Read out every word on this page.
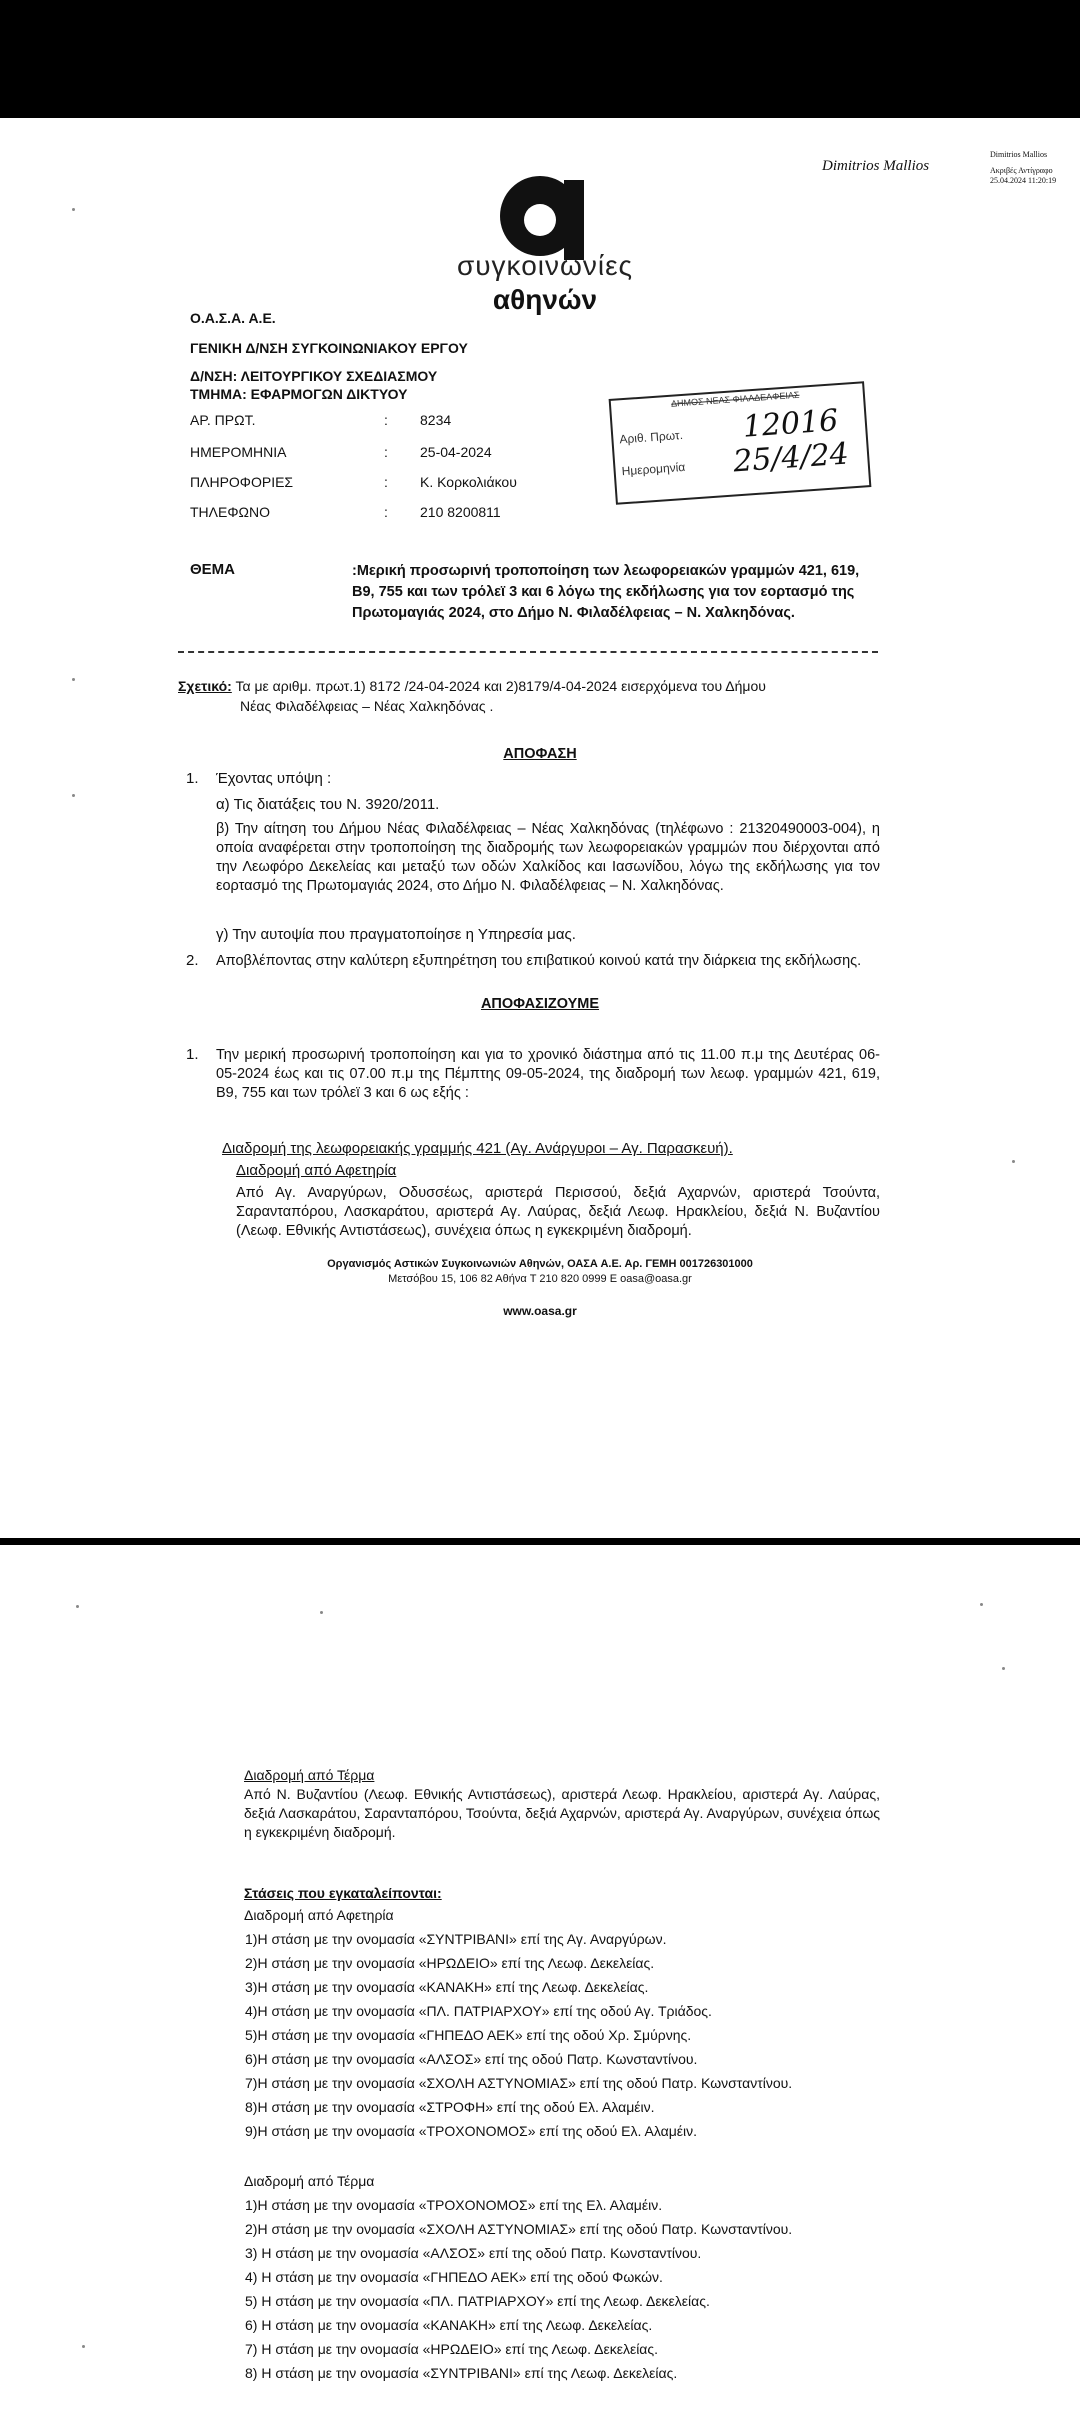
Dimitrios Mallios
Dimitrios Mallios
Ακριβές Αντίγραφο
25.04.2024 11:20:19
συγκοινωνίες
αθηνών
Ο.Α.Σ.Α. Α.Ε.
ΓΕΝΙΚΗ Δ/ΝΣΗ ΣΥΓΚΟΙΝΩΝΙΑΚΟΥ ΕΡΓΟΥ
Δ/ΝΣΗ: ΛΕΙΤΟΥΡΓΙΚΟΥ ΣΧΕΔΙΑΣΜΟΥ
ΤΜΗΜΑ: ΕΦΑΡΜΟΓΩΝ ΔΙΚΤΥΟΥ
ΑΡ. ΠΡΩΤ.	: 8234
ΗΜΕΡΟΜΗΝΙΑ	: 25-04-2024
ΠΛΗΡΟΦΟΡΙΕΣ	: Κ. Κορκολιάκου
ΤΗΛΕΦΩΝΟ	: 210 8200811
ΔΗΜΟΣ ΝΕΑΣ ΦΙΛΑΔΕΛΦΕΙΑΣ
Αριθ. Πρωτ. 12016
Ημερομηνία 25/4/24
ΘΕΜΑ	:Μερική προσωρινή τροποποίηση των λεωφορειακών γραμμών 421, 619, Β9, 755 και των τρόλεϊ 3 και 6 λόγω της εκδήλωσης για τον εορτασμό της Πρωτομαγιάς 2024, στο Δήμο Ν. Φιλαδέλφειας – Ν. Χαλκηδόνας.
Σχετικό: Τα με αριθμ. πρωτ.1) 8172 /24-04-2024 και 2)8179/4-04-2024 εισερχόμενα του Δήμου
Νέας Φιλαδέλφειας – Νέας Χαλκηδόνας .
ΑΠΟΦΑΣΗ
1. Έχοντας υπόψη :
α) Τις διατάξεις του Ν. 3920/2011.
β) Την αίτηση του Δήμου Νέας Φιλαδέλφειας – Νέας Χαλκηδόνας (τηλέφωνο : 21320490003-004), η οποία αναφέρεται στην τροποποίηση της διαδρομής των λεωφορειακών γραμμών που διέρχονται από την Λεωφόρο Δεκελείας και μεταξύ των οδών Χαλκίδος και Ιασωνίδου, λόγω της εκδήλωσης για τον εορτασμό της Πρωτομαγιάς 2024, στο Δήμο Ν. Φιλαδέλφειας – Ν. Χαλκηδόνας.
γ) Την αυτοψία που πραγματοποίησε η Υπηρεσία μας.
2. Αποβλέποντας στην καλύτερη εξυπηρέτηση του επιβατικού κοινού κατά την διάρκεια της εκδήλωσης.
ΑΠΟΦΑΣΙΖΟΥΜΕ
1. Την μερική προσωρινή τροποποίηση και για το χρονικό διάστημα από τις 11.00 π.μ της Δευτέρας 06-05-2024 έως και τις 07.00 π.μ της Πέμπτης 09-05-2024, της διαδρομή των λεωφ. γραμμών 421, 619, Β9, 755 και των τρόλεϊ 3 και 6 ως εξής :
Διαδρομή της λεωφορειακής γραμμής 421 (Αγ. Ανάργυροι – Αγ. Παρασκευή).
Διαδρομή από Αφετηρία
Από Αγ. Αναργύρων, Οδυσσέως, αριστερά Περισσού, δεξιά Αχαρνών, αριστερά Τσούντα, Σαρανταπόρου, Λασκαράτου, αριστερά Αγ. Λαύρας, δεξιά Λεωφ. Ηρακλείου, δεξιά Ν. Βυζαντίου (Λεωφ. Εθνικής Αντιστάσεως), συνέχεια όπως η εγκεκριμένη διαδρομή.
Οργανισμός Αστικών Συγκοινωνιών Αθηνών, ΟΑΣΑ Α.Ε. Αρ. ΓΕΜΗ 001726301000
Μετσόβου 15, 106 82 Αθήνα T 210 820 0999 E oasa@oasa.gr
www.oasa.gr
Διαδρομή από Τέρμα
Από Ν. Βυζαντίου (Λεωφ. Εθνικής Αντιστάσεως), αριστερά Λεωφ. Ηρακλείου, αριστερά Αγ. Λαύρας, δεξιά Λασκαράτου, Σαρανταπόρου, Τσούντα, δεξιά Αχαρνών, αριστερά Αγ. Αναργύρων, συνέχεια όπως η εγκεκριμένη διαδρομή.
Στάσεις που εγκαταλείπονται:
Διαδρομή από Αφετηρία
1)Η στάση με την ονομασία «ΣΥΝΤΡΙΒΑΝΙ» επί της Αγ. Αναργύρων.
2)Η στάση με την ονομασία «ΗΡΩΔΕΙΟ» επί της Λεωφ. Δεκελείας.
3)Η στάση με την ονομασία «ΚΑΝΑΚΗ» επί της Λεωφ. Δεκελείας.
4)Η στάση με την ονομασία «ΠΛ. ΠΑΤΡΙΑΡΧΟΥ» επί της οδού Αγ. Τριάδος.
5)Η στάση με την ονομασία «ΓΗΠΕΔΟ ΑΕΚ» επί της οδού Χρ. Σμύρνης.
6)Η στάση με την ονομασία «ΑΛΣΟΣ» επί της οδού Πατρ. Κωνσταντίνου.
7)Η στάση με την ονομασία «ΣΧΟΛΗ ΑΣΤΥΝΟΜΙΑΣ» επί της οδού Πατρ. Κωνσταντίνου.
8)Η στάση με την ονομασία «ΣΤΡΟΦΗ» επί της οδού Ελ. Αλαμέιν.
9)Η στάση με την ονομασία «ΤΡΟΧΟΝΟΜΟΣ» επί της οδού Ελ. Αλαμέιν.
Διαδρομή από Τέρμα
1)Η στάση με την ονομασία «ΤΡΟΧΟΝΟΜΟΣ» επί της Ελ. Αλαμέιν.
2)Η στάση με την ονομασία «ΣΧΟΛΗ ΑΣΤΥΝΟΜΙΑΣ» επί της οδού Πατρ. Κωνσταντίνου.
3) Η στάση με την ονομασία «ΑΛΣΟΣ» επί της οδού Πατρ. Κωνσταντίνου.
4) Η στάση με την ονομασία «ΓΗΠΕΔΟ ΑΕΚ» επί της οδού Φωκών.
5) Η στάση με την ονομασία «ΠΛ. ΠΑΤΡΙΑΡΧΟΥ» επί της Λεωφ. Δεκελείας.
6) Η στάση με την ονομασία «ΚΑΝΑΚΗ» επί της Λεωφ. Δεκελείας.
7) Η στάση με την ονομασία «ΗΡΩΔΕΙΟ» επί της Λεωφ. Δεκελείας.
8) Η στάση με την ονομασία «ΣΥΝΤΡΙΒΑΝΙ» επί της Λεωφ. Δεκελείας.
